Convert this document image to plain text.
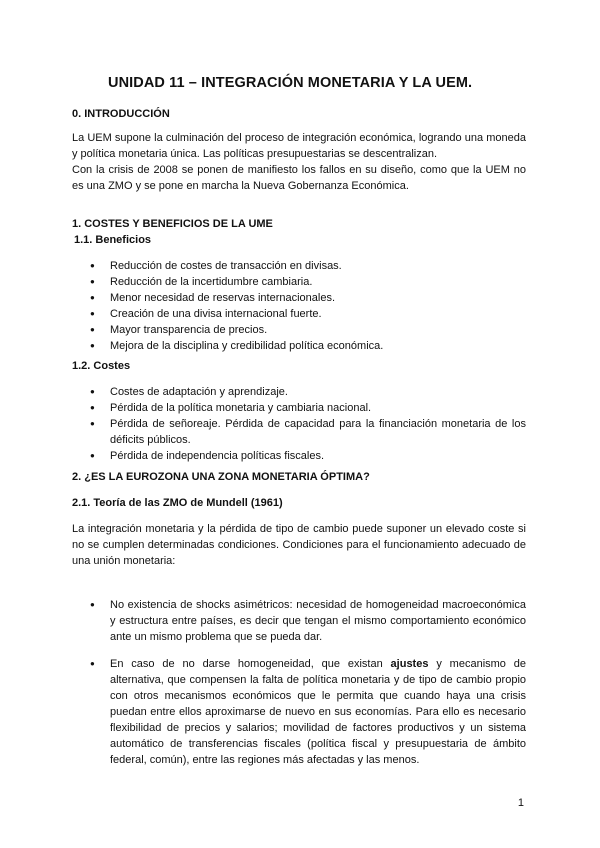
UNIDAD 11 – INTEGRACIÓN MONETARIA Y LA UEM.
0. INTRODUCCIÓN

La UEM supone la culminación del proceso de integración económica, logrando una moneda y política monetaria única. Las políticas presupuestarias se descentralizan.

Con la crisis de 2008 se ponen de manifiesto los fallos en su diseño, como que la UEM no es una ZMO y se pone en marcha la Nueva Gobernanza Económica.

1. COSTES Y BENEFICIOS DE LA UME
1.1. Beneficios
● Reducción de costes de transacción en divisas.
● Reducción de la incertidumbre cambiaria.
● Menor necesidad de reservas internacionales.
● Creación de una divisa internacional fuerte.
● Mayor transparencia de precios.
● Mejora de la disciplina y credibilidad política económica.
1.2. Costes
● Costes de adaptación y aprendizaje.
● Pérdida de la política monetaria y cambiaria nacional.
● Pérdida de señoreaje. Pérdida de capacidad para la financiación monetaria de los déficits públicos.
● Pérdida de independencia políticas fiscales.
2. ¿ES LA EUROZONA UNA ZONA MONETARIA ÓPTIMA?
2.1. Teoría de las ZMO de Mundell (1961)

La integración monetaria y la pérdida de tipo de cambio puede suponer un elevado coste si no se cumplen determinadas condiciones. Condiciones para el funcionamiento adecuado de una unión monetaria:

● No existencia de shocks asimétricos: necesidad de homogeneidad macroeconómica y estructura entre países, es decir que tengan el mismo comportamiento económico ante un mismo problema que se pueda dar.
● En caso de no darse homogeneidad, que existan ajustes y mecanismo de alternativa, que compensen la falta de política monetaria y de tipo de cambio propio con otros mecanismos económicos que le permita que cuando haya una crisis puedan entre ellos aproximarse de nuevo en sus economías. Para ello es necesario flexibilidad de precios y salarios; movilidad de factores productivos y un sistema automático de transferencias fiscales (política fiscal y presupuestaria de ámbito federal, común), entre las regiones más afectadas y las menos.
1
